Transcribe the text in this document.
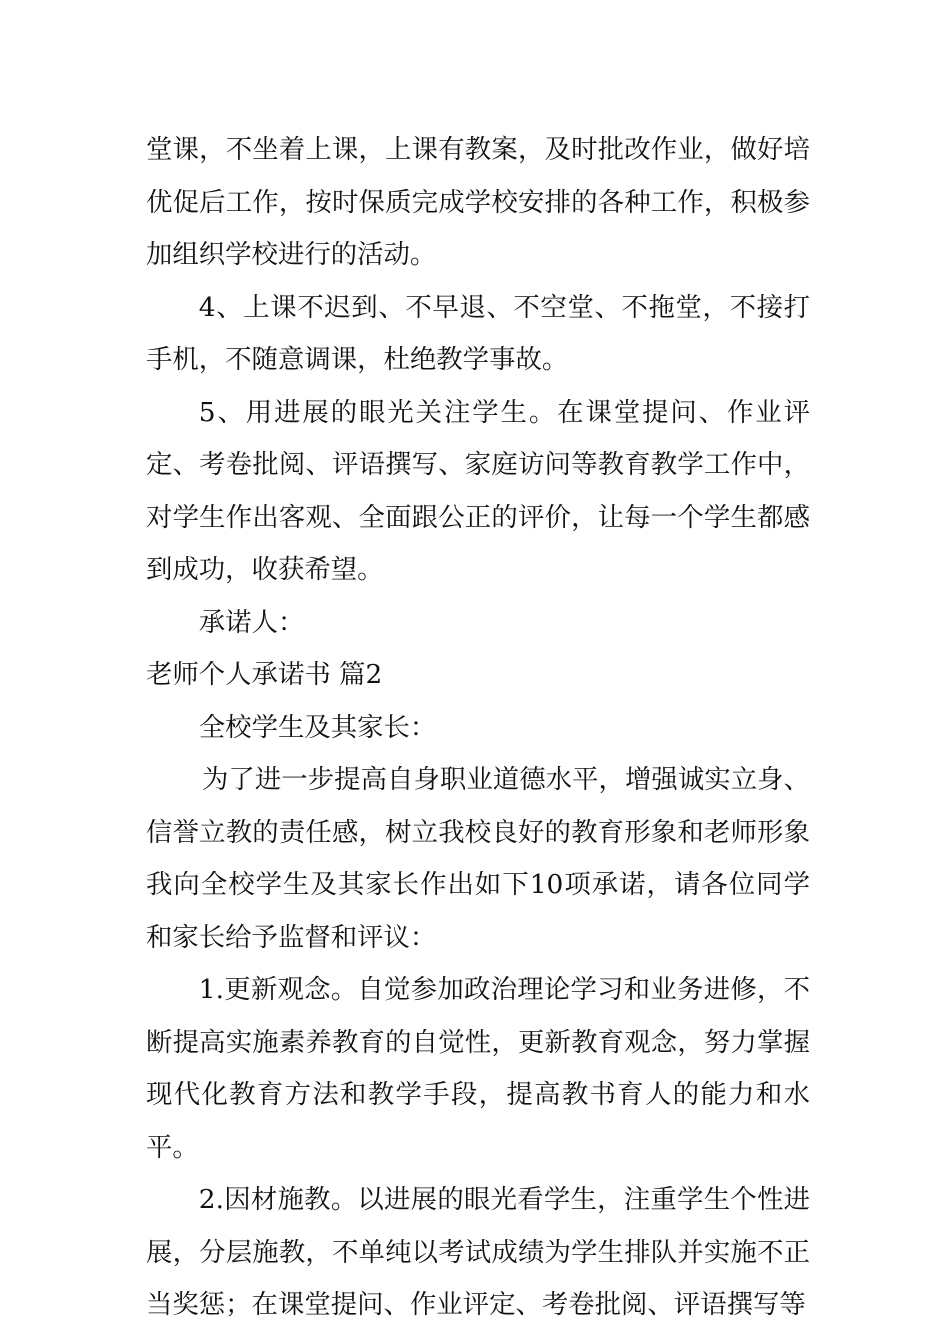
堂课，不坐着上课，上课有教案，及时批改作业，做好培优促后工作，按时保质完成学校安排的各种工作，积极参加组织学校进行的活动。

4、上课不迟到、不早退、不空堂、不拖堂，不接打手机，不随意调课，杜绝教学事故。

5、用进展的眼光关注学生。在课堂提问、作业评定、考卷批阅、评语撰写、家庭访问等教育教学工作中，对学生作出客观、全面跟公正的评价，让每一个学生都感到成功，收获希望。

承诺人：

老师个人承诺书 篇2

全校学生及其家长：

为了进一步提高自身职业道德水平，增强诚实立身、信誉立教的责任感，树立我校良好的教育形象和老师形象我向全校学生及其家长作出如下10项承诺，请各位同学和家长给予监督和评议：

1.更新观念。自觉参加政治理论学习和业务进修，不断提高实施素养教育的自觉性，更新教育观念，努力掌握现代化教育方法和教学手段，提高教书育人的能力和水平。

2.因材施教。以进展的眼光看学生，注重学生个性进展，分层施教，不单纯以考试成绩为学生排队并实施不正当奖惩；在课堂提问、作业评定、考卷批阅、评语撰写等
